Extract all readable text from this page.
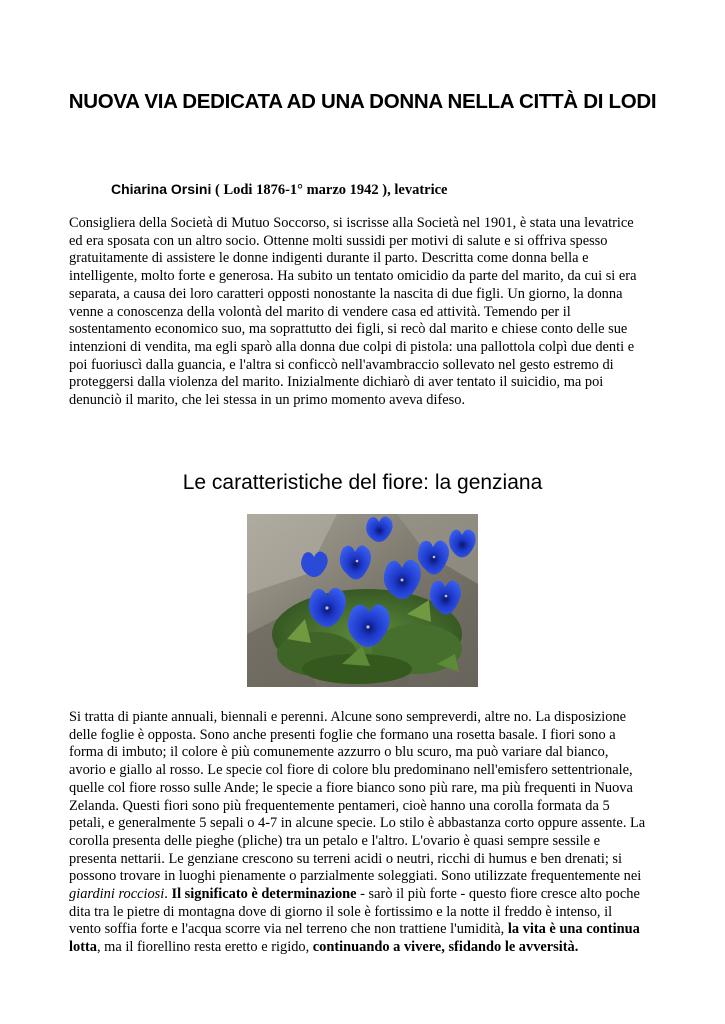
NUOVA VIA DEDICATA AD UNA DONNA NELLA CITTÀ DI LODI
Chiarina Orsini ( Lodi 1876-1° marzo 1942 ), levatrice
Consigliera della Società di Mutuo Soccorso, si iscrisse alla Società nel 1901, è stata una levatrice
ed era sposata con un altro socio. Ottenne molti sussidi per motivi di salute e si offriva spesso
gratuitamente di assistere le donne indigenti durante il parto. Descritta come donna bella e
intelligente, molto forte e generosa. Ha subito un tentato omicidio da parte del marito, da cui si era
separata, a causa dei loro caratteri opposti nonostante la nascita di due figli. Un giorno, la donna
venne a conoscenza della volontà del marito di vendere casa ed attività. Temendo per il
sostentamento economico suo, ma soprattutto dei figli, si recò dal marito e chiese conto delle sue
intenzioni di vendita, ma egli sparò alla donna due colpi di pistola: una pallottola colpì due denti e
poi fuoriuscì dalla guancia, e l'altra si conficcò nell'avambraccio sollevato nel gesto estremo di
proteggersi dalla violenza del marito. Inizialmente dichiarò di aver tentato il suicidio, ma poi
denunciò il marito, che lei stessa in un primo momento aveva difeso.
Le caratteristiche del fiore: la genziana
Si tratta di piante annuali, biennali e perenni. Alcune sono sempreverdi, altre no. La disposizione
delle foglie è opposta. Sono anche presenti foglie che formano una rosetta basale. I fiori sono a
forma di imbuto; il colore è più comunemente azzurro o blu scuro, ma può variare dal bianco,
avorio e giallo al rosso. Le specie col fiore di colore blu predominano nell'emisfero settentrionale,
quelle col fiore rosso sulle Ande; le specie a fiore bianco sono più rare, ma più frequenti in Nuova
Zelanda. Questi fiori sono più frequentemente pentameri, cioè hanno una corolla formata da 5
petali, e generalmente 5 sepali o 4-7 in alcune specie. Lo stilo è abbastanza corto oppure assente. La
corolla presenta delle pieghe (pliche) tra un petalo e l'altro. L'ovario è quasi sempre sessile e
presenta nettarii. Le genziane crescono su terreni acidi o neutri, ricchi di humus e ben drenati; si
possono trovare in luoghi pienamente o parzialmente soleggiati. Sono utilizzate frequentemente nei
giardini rocciosi. Il significato è determinazione - sarò il più forte - questo fiore cresce alto poche
dita tra le pietre di montagna dove di giorno il sole è fortissimo e la notte il freddo è intenso, il
vento soffia forte e l'acqua scorre via nel terreno che non trattiene l'umidità, la vita è una continua
lotta, ma il fiorellino resta eretto e rigido, continuando a vivere, sfidando le avversità.
